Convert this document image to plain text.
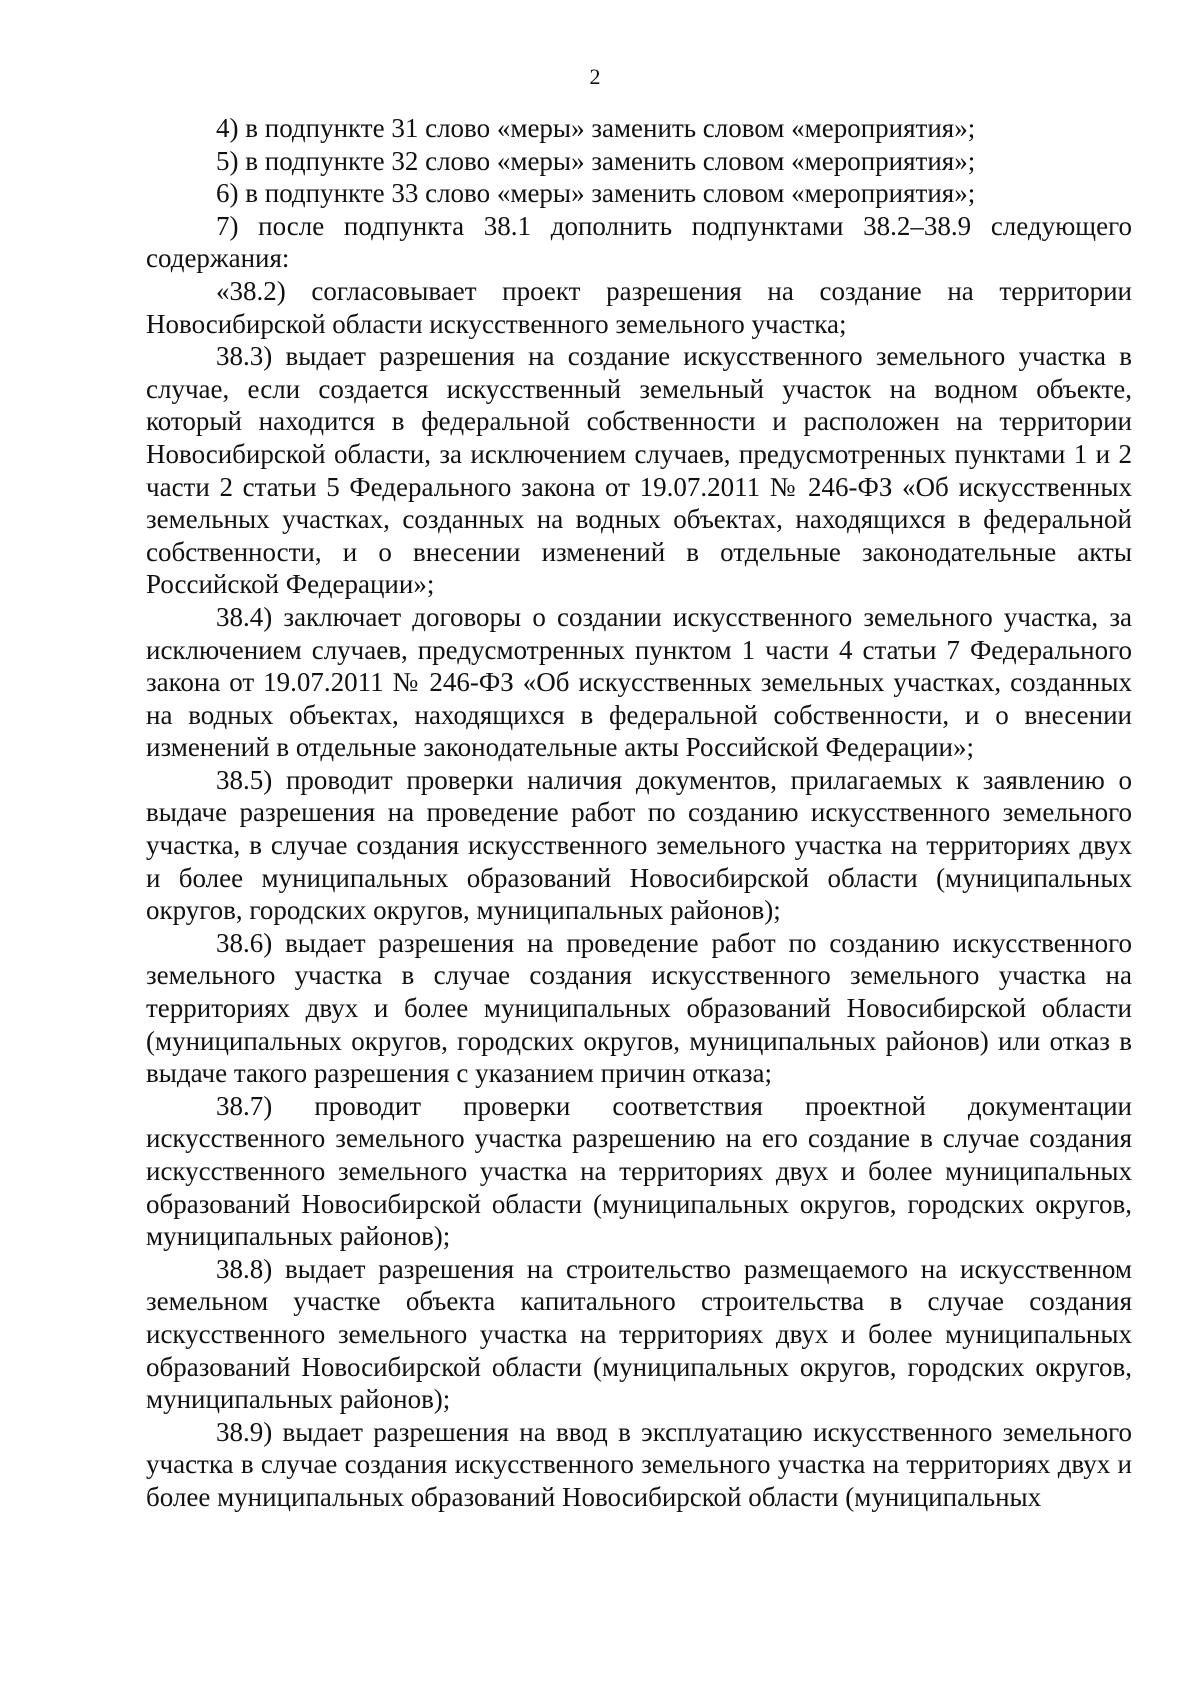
2

4) в подпункте 31 слово «меры» заменить словом «мероприятия»;

5) в подпункте 32 слово «меры» заменить словом «мероприятия»;

6) в подпункте 33 слово «меры» заменить словом «мероприятия»;

7) после подпункта 38.1 дополнить подпунктами 38.2–38.9 следующего содержания:

«38.2) согласовывает проект разрешения на создание на территории Новосибирской области искусственного земельного участка;

38.3) выдает разрешения на создание искусственного земельного участка в случае, если создается искусственный земельный участок на водном объекте, который находится в федеральной собственности и расположен на территории Новосибирской области, за исключением случаев, предусмотренных пунктами 1 и 2 части 2 статьи 5 Федерального закона от 19.07.2011 № 246-ФЗ «Об искусственных земельных участках, созданных на водных объектах, находящихся в федеральной собственности, и о внесении изменений в отдельные законодательные акты Российской Федерации»;

38.4) заключает договоры о создании искусственного земельного участка, за исключением случаев, предусмотренных пунктом 1 части 4 статьи 7 Федерального закона от 19.07.2011 № 246-ФЗ «Об искусственных земельных участках, созданных на водных объектах, находящихся в федеральной собственности, и о внесении изменений в отдельные законодательные акты Российской Федерации»;

38.5) проводит проверки наличия документов, прилагаемых к заявлению о выдаче разрешения на проведение работ по созданию искусственного земельного участка, в случае создания искусственного земельного участка на территориях двух и более муниципальных образований Новосибирской области (муниципальных округов, городских округов, муниципальных районов);

38.6) выдает разрешения на проведение работ по созданию искусственного земельного участка в случае создания искусственного земельного участка на территориях двух и более муниципальных образований Новосибирской области (муниципальных округов, городских округов, муниципальных районов) или отказ в выдаче такого разрешения с указанием причин отказа;

38.7) проводит проверки соответствия проектной документации искусственного земельного участка разрешению на его создание в случае создания искусственного земельного участка на территориях двух и более муниципальных образований Новосибирской области (муниципальных округов, городских округов, муниципальных районов);

38.8) выдает разрешения на строительство размещаемого на искусственном земельном участке объекта капитального строительства в случае создания искусственного земельного участка на территориях двух и более муниципальных образований Новосибирской области (муниципальных округов, городских округов, муниципальных районов);

38.9) выдает разрешения на ввод в эксплуатацию искусственного земельного участка в случае создания искусственного земельного участка на территориях двух и более муниципальных образований Новосибирской области (муниципальных
